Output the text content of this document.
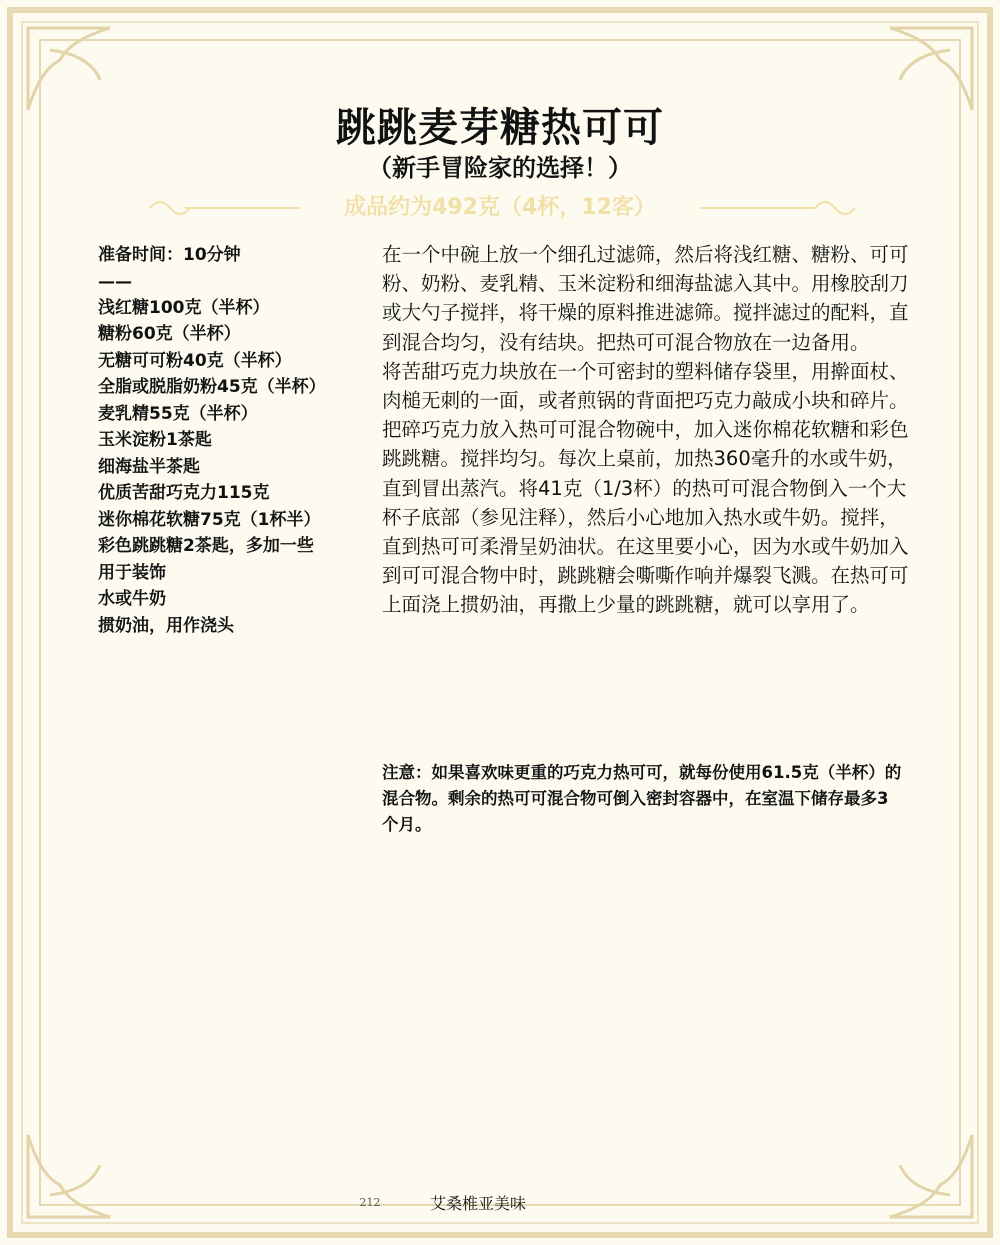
跳跳麦芽糖热可可
（新手冒险家的选择！）
成品约为492克（4杯，12客）
准备时间：10分钟
——
浅红糖100克（半杯）
糖粉60克（半杯）
无糖可可粉40克（半杯）
全脂或脱脂奶粉45克（半杯）
麦乳精55克（半杯）
玉米淀粉1茶匙
细海盐半茶匙
优质苦甜巧克力115克
迷你棉花软糖75克（1杯半）
彩色跳跳糖2茶匙，多加一些用于装饰
水或牛奶
掼奶油，用作浇头

在一个中碗上放一个细孔过滤筛，然后将浅红糖、糖粉、可可粉、奶粉、麦乳精、玉米淀粉和细海盐滤入其中。用橡胶刮刀或大勺子搅拌，将干燥的原料推进滤筛。搅拌滤过的配料，直到混合均匀，没有结块。把热可可混合物放在一边备用。

将苦甜巧克力块放在一个可密封的塑料储存袋里，用擀面杖、肉槌无刺的一面，或者煎锅的背面把巧克力敲成小块和碎片。把碎巧克力放入热可可混合物碗中，加入迷你棉花软糖和彩色跳跳糖。搅拌均匀。每次上桌前，加热360毫升的水或牛奶，直到冒出蒸汽。将41克（1/3杯）的热可可混合物倒入一个大杯子底部（参见注释），然后小心地加入热水或牛奶。搅拌，直到热可可柔滑呈奶油状。在这里要小心，因为水或牛奶加入到可可混合物中时，跳跳糖会嘶嘶作响并爆裂飞溅。在热可可上面浇上掼奶油，再撒上少量的跳跳糖，就可以享用了。

注意：如果喜欢味更重的巧克力热可可，就每份使用61.5克（半杯）的混合物。剩余的热可可混合物可倒入密封容器中，在室温下储存最多3个月。
212	艾桑椎亚美味
